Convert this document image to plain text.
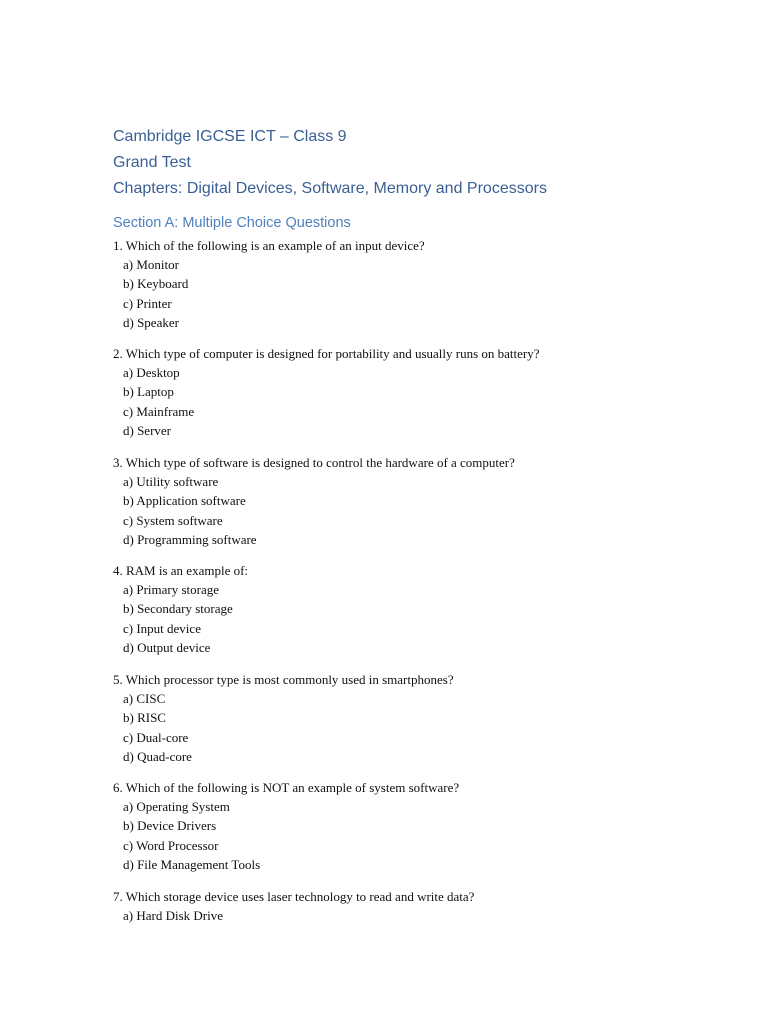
Cambridge IGCSE ICT – Class 9
Grand Test
Chapters: Digital Devices, Software, Memory and Processors
Section A: Multiple Choice Questions
1. Which of the following is an example of an input device?
a) Monitor
b) Keyboard
c) Printer
d) Speaker
2. Which type of computer is designed for portability and usually runs on battery?
a) Desktop
b) Laptop
c) Mainframe
d) Server
3. Which type of software is designed to control the hardware of a computer?
a) Utility software
b) Application software
c) System software
d) Programming software
4. RAM is an example of:
a) Primary storage
b) Secondary storage
c) Input device
d) Output device
5. Which processor type is most commonly used in smartphones?
a) CISC
b) RISC
c) Dual-core
d) Quad-core
6. Which of the following is NOT an example of system software?
a) Operating System
b) Device Drivers
c) Word Processor
d) File Management Tools
7. Which storage device uses laser technology to read and write data?
a) Hard Disk Drive
